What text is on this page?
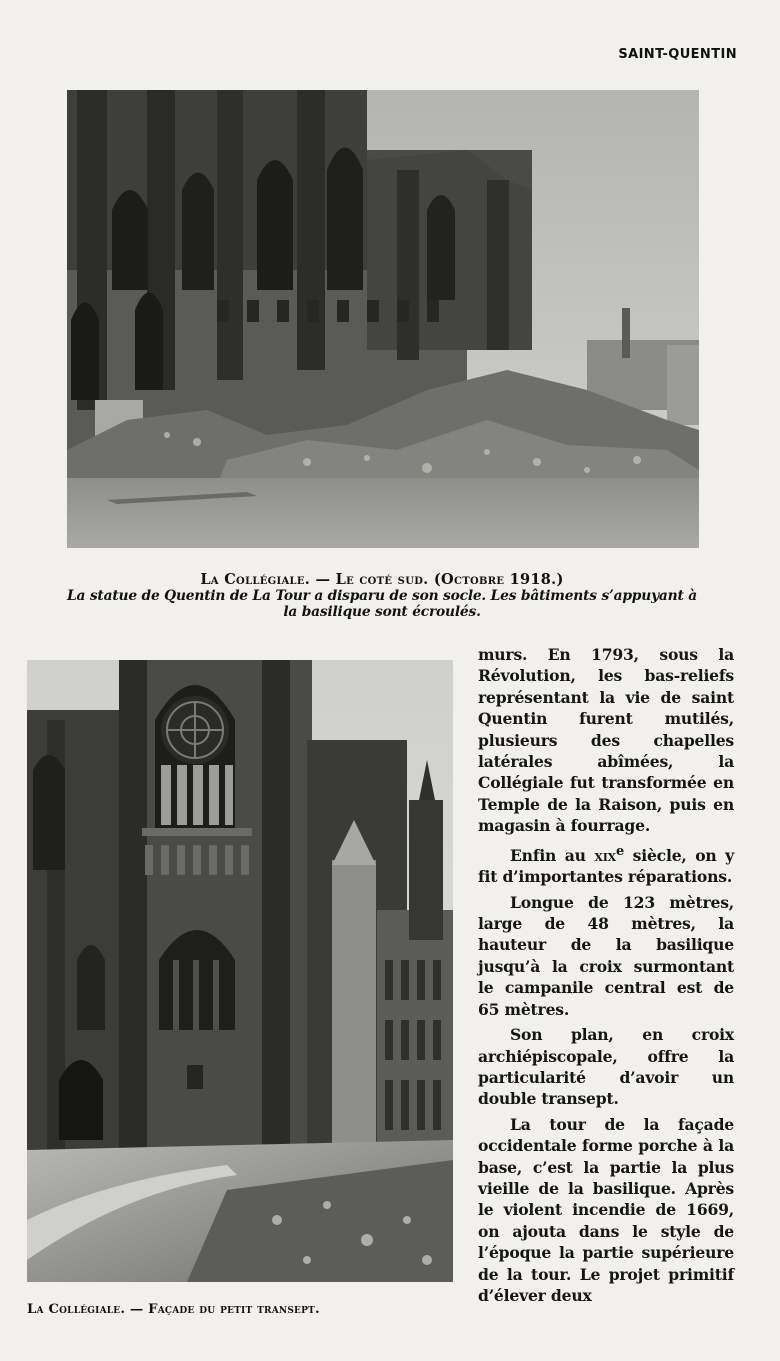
SAINT-QUENTIN
La Collégiale. — Le coté sud. (Octobre 1918.)
La statue de Quentin de La Tour a disparu de son socle. Les bâtiments s’appuyant à la basilique sont écroulés.
La Collégiale. — Façade du petit transept.

murs. En 1793, sous la Révolution, les bas-reliefs représentant la vie de saint Quentin furent mutilés, plusieurs des chapelles latérales abîmées, la Collégiale fut transformée en Temple de la Raison, puis en magasin à fourrage.

Enfin au xix$^e$ siècle, on y fit d’importantes réparations.

Longue de 123 mètres, large de 48 mètres, la hauteur de la basilique jusqu’à la croix surmontant le campanile central est de 65 mètres.

Son plan, en croix archiépiscopale, offre la particularité d’avoir un double transept.

La tour de la façade occidentale forme porche à la base, c’est la partie la plus vieille de la basilique. Après le violent incendie de 1669, on ajouta dans le style de l’époque la partie supérieure de la tour. Le projet primitif d’élever deux
